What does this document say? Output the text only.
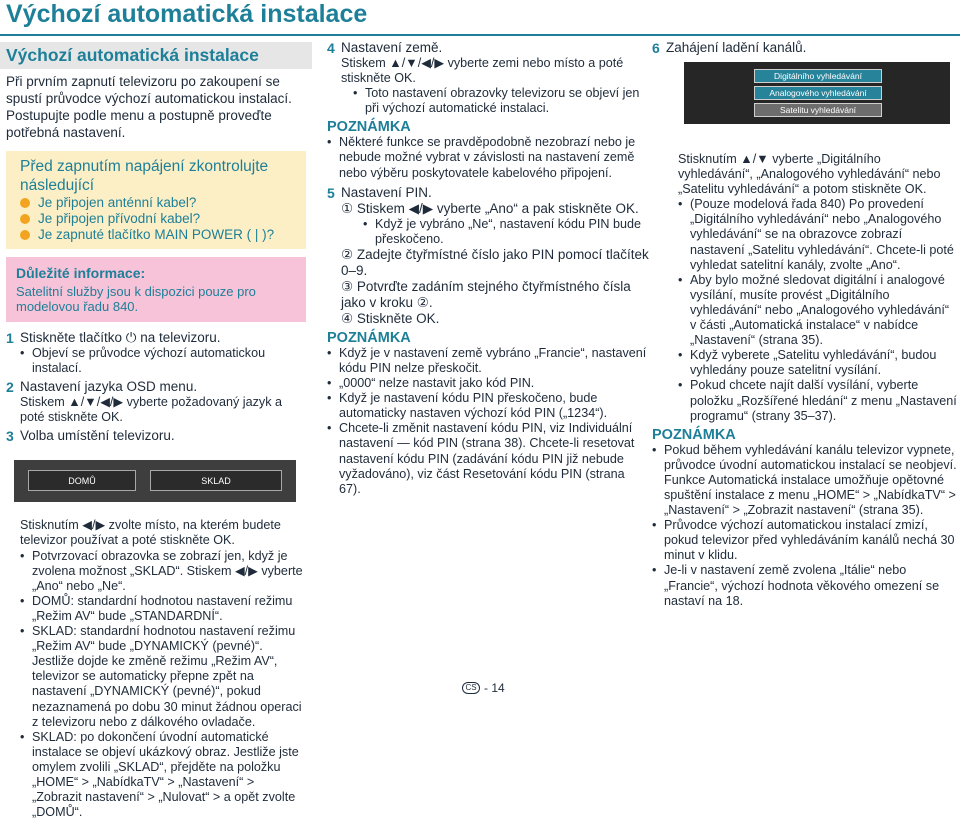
Výchozí automatická instalace
Výchozí automatická instalace

Při prvním zapnutí televizoru po zakoupení se spustí průvodce výchozí automatickou instalací. Postupujte podle menu a postupně proveďte potřebná nastavení.

Před zapnutím napájení zkontrolujte následující
Je připojen anténní kabel?
Je připojen přívodní kabel?
Je zapnuté tlačítko MAIN POWER ( | )?
Důležité informace:
Satelitní služby jsou k dispozici pouze pro modelovou řadu 840.
1 Stiskněte tlačítko ⏻ na televizoru.
• Objeví se průvodce výchozí automatickou instalací.
2 Nastavení jazyka OSD menu.
Stiskem ▲/▼/◀/▶ vyberte požadovaný jazyk a poté stiskněte OK.
3 Volba umístění televizoru.
DOMŮ	SKLAD
Stisknutím ◀/▶ zvolte místo, na kterém budete televizor používat a poté stiskněte OK.
• Potvrzovací obrazovka se zobrazí jen, když je zvolena možnost „SKLAD“. Stiskem ◀/▶ vyberte „Ano“ nebo „Ne“.
• DOMŮ: standardní hodnotou nastavení režimu „Režim AV“ bude „STANDARDNÍ“.
• SKLAD: standardní hodnotou nastavení režimu „Režim AV“ bude „DYNAMICKÝ (pevné)“. Jestliže dojde ke změně režimu „Režim AV“, televizor se automaticky přepne zpět na nastavení „DYNAMICKÝ (pevné)“, pokud nezaznamená po dobu 30 minut žádnou operaci z televizoru nebo z dálkového ovladače.
• SKLAD: po dokončení úvodní automatické instalace se objeví ukázkový obraz. Jestliže jste omylem zvolili „SKLAD“, přejděte na položku „HOME“ > „NabídkaTV“ > „Nastavení“ > „Zobrazit nastavení“ > „Nulovat“ > a opět zvolte „DOMŮ“.
4 Nastavení země.
Stiskem ▲/▼/◀/▶ vyberte zemi nebo místo a poté stiskněte OK.
• Toto nastavení obrazovky televizoru se objeví jen při výchozí automatické instalaci.
POZNÁMKA
• Některé funkce se pravděpodobně nezobrazí nebo je nebude možné vybrat v závislosti na nastavení země nebo výběru poskytovatele kabelového připojení.
5 Nastavení PIN.
① Stiskem ◀/▶ vyberte „Ano“ a pak stiskněte OK.
• Když je vybráno „Ne“, nastavení kódu PIN bude přeskočeno.
② Zadejte čtyřmístné číslo jako PIN pomocí tlačítek 0–9.
③ Potvrďte zadáním stejného čtyřmístného čísla jako v kroku ②.
④ Stiskněte OK.
POZNÁMKA
• Když je v nastavení země vybráno „Francie“, nastavení kódu PIN nelze přeskočit.
• „0000“ nelze nastavit jako kód PIN.
• Když je nastavení kódu PIN přeskočeno, bude automaticky nastaven výchozí kód PIN („1234“).
• Chcete-li změnit nastavení kódu PIN, viz Individuální nastavení — kód PIN (strana 38). Chcete-li resetovat nastavení kódu PIN (zadávání kódu PIN již nebude vyžadováno), viz část Resetování kódu PIN (strana 67).
6 Zahájení ladění kanálů.
Digitálního vyhledávání
Analogového vyhledávání
Satelitu vyhledávání
Stisknutím ▲/▼ vyberte „Digitálního vyhledávání“, „Analogového vyhledávání“ nebo „Satelitu vyhledávání“ a potom stiskněte OK.
• (Pouze modelová řada 840) Po provedení „Digitálního vyhledávání“ nebo „Analogového vyhledávání“ se na obrazovce zobrazí nastavení „Satelitu vyhledávání“. Chcete-li poté vyhledat satelitní kanály, zvolte „Ano“.
• Aby bylo možné sledovat digitální i analogové vysílání, musíte provést „Digitálního vyhledávání“ nebo „Analogového vyhledávání“ v části „Automatická instalace“ v nabídce „Nastavení“ (strana 35).
• Když vyberete „Satelitu vyhledávání“, budou vyhledány pouze satelitní vysílání.
• Pokud chcete najít další vysílání, vyberte položku „Rozšířené hledání“ z menu „Nastavení programu“ (strany 35–37).
POZNÁMKA
• Pokud během vyhledávání kanálu televizor vypnete, průvodce úvodní automatickou instalací se neobjeví. Funkce Automatická instalace umožňuje opětovné spuštění instalace z menu „HOME“ > „NabídkaTV“ > „Nastavení“ > „Zobrazit nastavení“ (strana 35).
• Průvodce výchozí automatickou instalací zmizí, pokud televizor před vyhledáváním kanálů nechá 30 minut v klidu.
• Je-li v nastavení země zvolena „Itálie“ nebo „Francie“, výchozí hodnota věkového omezení se nastaví na 18.
CS - 14
